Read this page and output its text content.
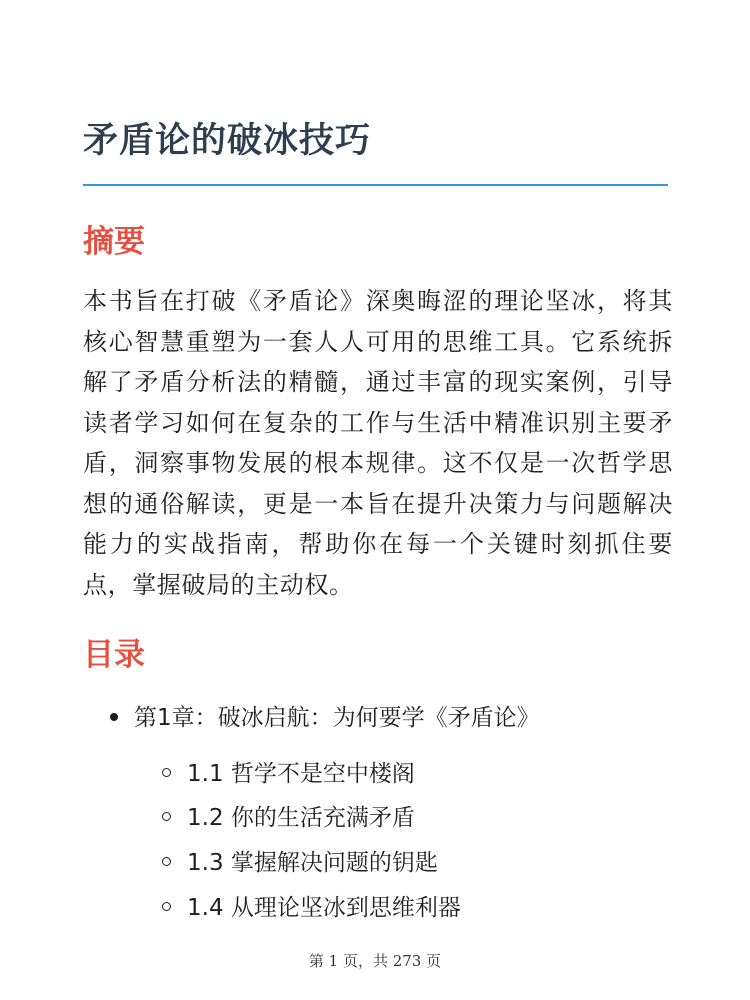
矛盾论的破冰技巧
摘要

本书旨在打破《矛盾论》深奥晦涩的理论坚冰，将其核心智慧重塑为一套人人可用的思维工具。它系统拆解了矛盾分析法的精髓，通过丰富的现实案例，引导读者学习如何在复杂的工作与生活中精准识别主要矛盾，洞察事物发展的根本规律。这不仅是一次哲学思想的通俗解读，更是一本旨在提升决策力与问题解决能力的实战指南，帮助你在每一个关键时刻抓住要点，掌握破局的主动权。

目录
第1章：破冰启航：为何要学《矛盾论》
1.1 哲学不是空中楼阁
1.2 你的生活充满矛盾
1.3 掌握解决问题的钥匙
1.4 从理论坚冰到思维利器
第 1 页，共 273 页
